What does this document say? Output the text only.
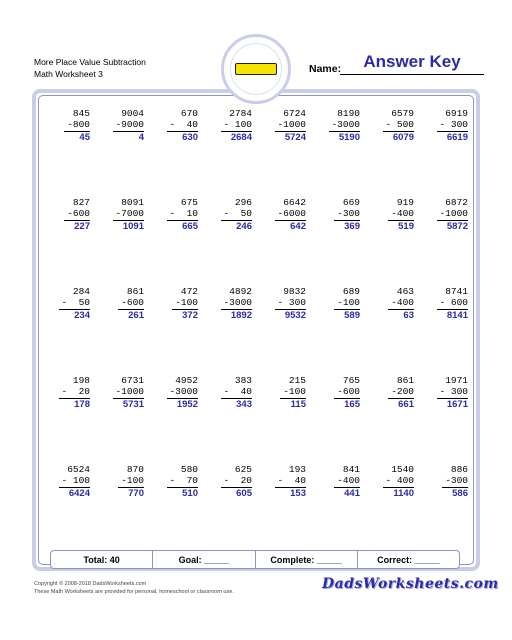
More Place Value Subtraction
Math Worksheet 3	Name:	Answer Key
845
-800
45
9004
-9000
4
670
-  40
630
2784
- 100
2684
6724
-1000
5724
8190
-3000
5190
6579
- 500
6079
6919
- 300
6619
827
-600
227
8091
-7000
1091
675
-  10
665
296
-  50
246
6642
-6000
642
669
-300
369
919
-400
519
6872
-1000
5872
284
-  50
234
861
-600
261
472
-100
372
4892
-3000
1892
9832
- 300
9532
689
-100
589
463
-400
63
8741
- 600
8141
198
-  20
178
6731
-1000
5731
4952
-3000
1952
383
-  40
343
215
-100
115
765
-600
165
861
-200
661
1971
- 300
1671
6524
- 100
6424
870
-100
770
580
-  70
510
625
-  20
605
193
-  40
153
841
-400
441
1540
- 400
1140
886
-300
586
Total: 40	Goal: _____	Complete: _____	Correct: _____
Copyright © 2008-2018 DadsWorksheets.com
These Math Worksheets are provided for personal, homeschool or classroom use.	DadsWorksheets.com
